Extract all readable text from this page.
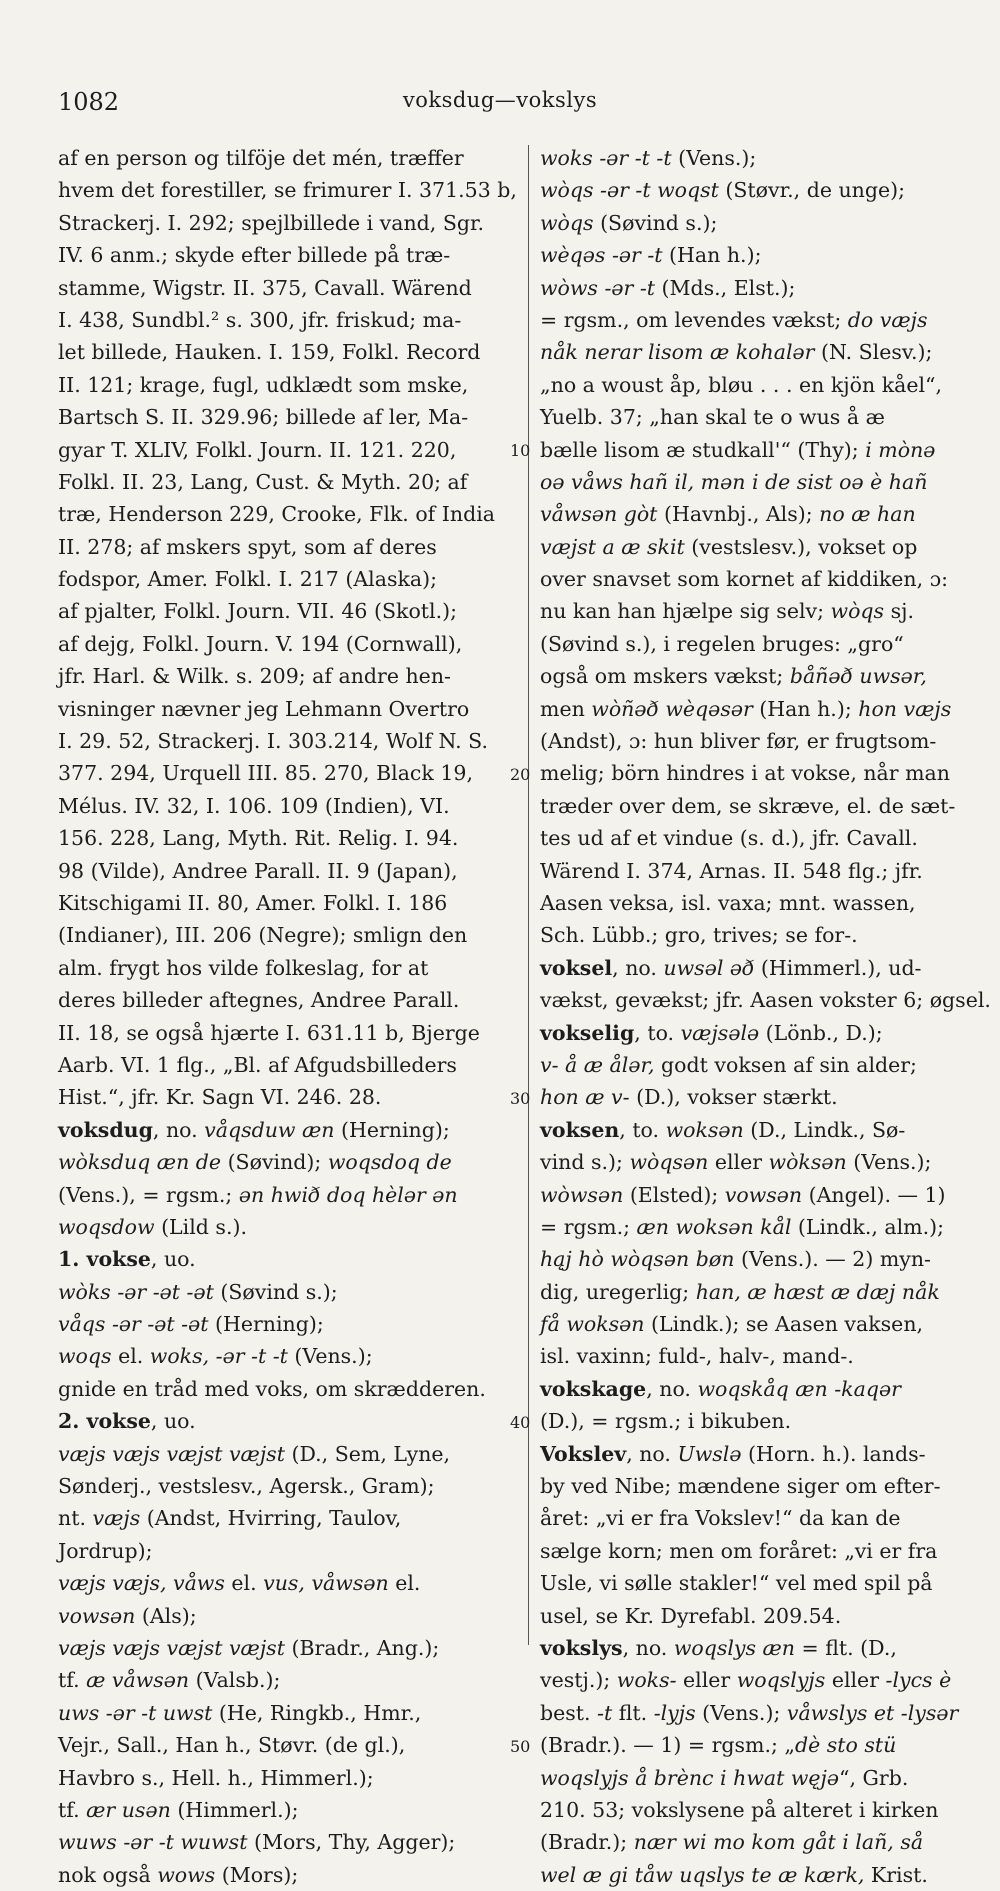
1082	voksdug—vokslys
af en person og tilföje det mén, træffer
hvem det forestiller, se frimurer I. 371.53 b,
Strackerj. I. 292; spejlbillede i vand, Sgr.
IV. 6 anm.; skyde efter billede på træ-
stamme, Wigstr. II. 375, Cavall. Wärend
I. 438, Sundbl.² s. 300, jfr. friskud; ma-
let billede, Hauken. I. 159, Folkl. Record
II. 121; krage, fugl, udklædt som mske,
Bartsch S. II. 329.96; billede af ler, Ma-
gyar T. XLIV, Folkl. Journ. II. 121. 220,
Folkl. II. 23, Lang, Cust. & Myth. 20; af
træ, Henderson 229, Crooke, Flk. of India
II. 278; af mskers spyt, som af deres
fodspor, Amer. Folkl. I. 217 (Alaska);
af pjalter, Folkl. Journ. VII. 46 (Skotl.);
af dejg, Folkl. Journ. V. 194 (Cornwall),
jfr. Harl. & Wilk. s. 209; af andre hen-
visninger nævner jeg Lehmann Overtro
I. 29. 52, Strackerj. I. 303.214, Wolf N. S.
377. 294, Urquell III. 85. 270, Black 19,
Mélus. IV. 32, I. 106. 109 (Indien), VI.
156. 228, Lang, Myth. Rit. Relig. I. 94.
98 (Vilde), Andree Parall. II. 9 (Japan),
Kitschigami II. 80, Amer. Folkl. I. 186
(Indianer), III. 206 (Negre); smlign den
alm. frygt hos vilde folkeslag, for at
deres billeder aftegnes, Andree Parall.
II. 18, se også hjærte I. 631.11 b, Bjerge
Aarb. VI. 1 flg., „Bl. af Afgudsbilleders
Hist.“, jfr. Kr. Sagn VI. 246. 28.
voksdug, no. våqsduw æn (Herning);
wòksduq æn de (Søvind); woqsdoq de
(Vens.), = rgsm.; ən hwið doq hèlər ən
woqsdow (Lild s.).
1. vokse, uo.
wòks -ər -ət -ət (Søvind s.);
våqs -ər -ət -ət (Herning);
woqs el. woks, -ər -t -t (Vens.);
gnide en tråd med voks, om skrædderen.
2. vokse, uo.
væjs væjs væjst væjst (D., Sem, Lyne,
Sønderj., vestslesv., Agersk., Gram);
nt. væjs (Andst, Hvirring, Taulov,
Jordrup);
væjs væjs, våws el. vus, våwsən el.
vowsən (Als);
væjs væjs væjst væjst (Bradr., Ang.);
tf. æ våwsən (Valsb.);
uws -ər -t uwst (He, Ringkb., Hmr.,
Vejr., Sall., Han h., Støvr. (de gl.),
Havbro s., Hell. h., Himmerl.);
tf. ær usən (Himmerl.);
wuws -ər -t wuwst (Mors, Thy, Agger);
nok også wows (Mors);
woks -ər -t -t (Vens.);
wòqs -ər -t woqst (Støvr., de unge);
wòqs (Søvind s.);
wèqəs -ər -t (Han h.);
wòws -ər -t (Mds., Elst.);
= rgsm., om levendes vækst; do væjs
nåk nerar lisom æ kohalər (N. Slesv.);
„no a woust åp, bløu . . . en kjön kåel“,
Yuelb. 37; „han skal te o wus å æ
bælle lisom æ studkall'“ (Thy); i mònə
oə våws hañ il, mən i de sist oə è hañ
våwsən gòt (Havnbj., Als); no æ han
væjst a æ skit (vestslesv.), vokset op
over snavset som kornet af kiddiken, ɔ:
nu kan han hjælpe sig selv; wòqs sj.
(Søvind s.), i regelen bruges: „gro“
også om mskers vækst; båñəð uwsər,
men wòñəð wèqəsər (Han h.); hon væjs
(Andst), ɔ: hun bliver før, er frugtsom-
melig; börn hindres i at vokse, når man
træder over dem, se skræve, el. de sæt-
tes ud af et vindue (s. d.), jfr. Cavall.
Wärend I. 374, Arnas. II. 548 flg.; jfr.
Aasen veksa, isl. vaxa; mnt. wassen,
Sch. Lübb.; gro, trives; se for-.
voksel, no. uwsəl əð (Himmerl.), ud-
vækst, gevækst; jfr. Aasen vokster 6; øgsel.
vokselig, to. væjsələ (Lönb., D.);
v- å æ ålər, godt voksen af sin alder;
hon æ v- (D.), vokser stærkt.
voksen, to. woksən (D., Lindk., Sø-
vind s.); wòqsən eller wòksən (Vens.);
wòwsən (Elsted); vowsən (Angel). — 1)
= rgsm.; æn woksən kål (Lindk., alm.);
hąj hò wòqsən bøn (Vens.). — 2) myn-
dig, uregerlig; han, æ hæst æ dæj nåk
få woksən (Lindk.); se Aasen vaksen,
isl. vaxinn; fuld-, halv-, mand-.
vokskage, no. woqskåq æn -kaqər
(D.), = rgsm.; i bikuben.
Vokslev, no. Uwslə (Horn. h.). lands-
by ved Nibe; mændene siger om efter-
året: „vi er fra Vokslev!“ da kan de
sælge korn; men om foråret: „vi er fra
Usle, vi sølle stakler!“ vel med spil på
usel, se Kr. Dyrefabl. 209.54.
vokslys, no. woqslys æn = flt. (D.,
vestj.); woks- eller woqslyjs eller -lycs è
best. -t flt. -lyjs (Vens.); våwslys et -lysər
(Bradr.). — 1) = rgsm.; „dè sto stü
woqslyjs å brènc i hwat węjə“, Grb.
210. 53; vokslysene på alteret i kirken
(Bradr.); nær wi mo kom gåt i lañ, så
wel æ gi tåw uqslys te æ kærk, Krist.
10
20
30
40
50
